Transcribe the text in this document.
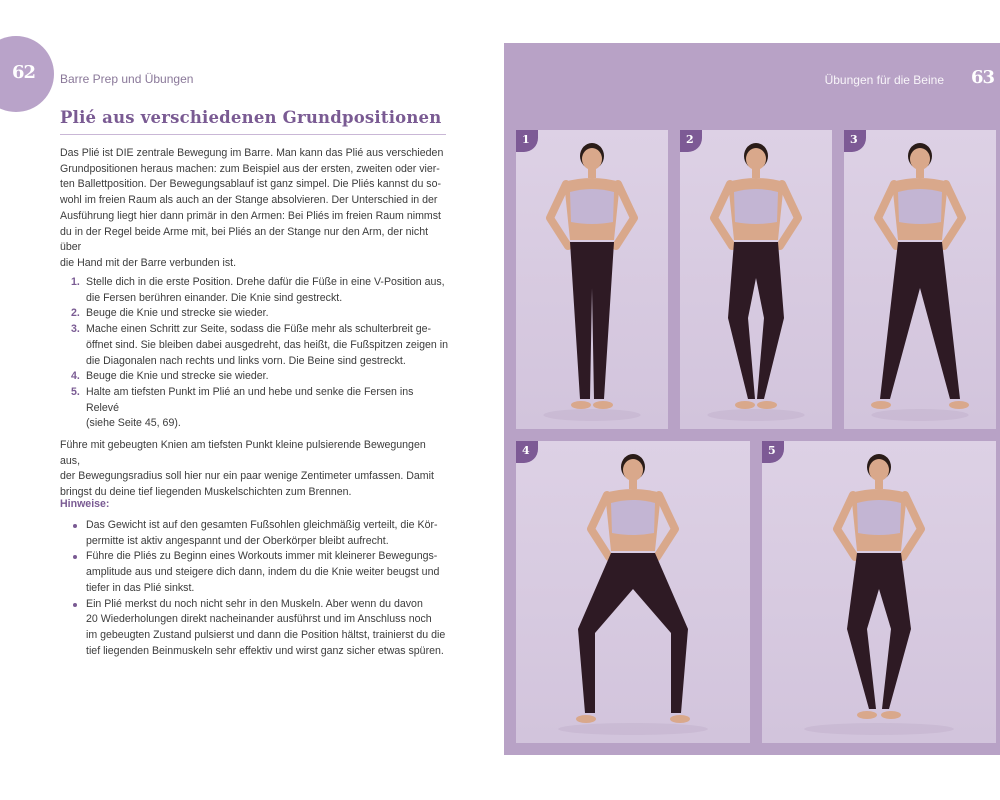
62 Barre Prep und Übungen
Plié aus verschiedenen Grundpositionen
Das Plié ist DIE zentrale Bewegung im Barre. Man kann das Plié aus verschieden
Grundpositionen heraus machen: zum Beispiel aus der ersten, zweiten oder vier-
ten Ballettposition. Der Bewegungsablauf ist ganz simpel. Die Pliés kannst du so-
wohl im freien Raum als auch an der Stange absolvieren. Der Unterschied in der
Ausführung liegt hier dann primär in den Armen: Bei Pliés im freien Raum nimmst
du in der Regel beide Arme mit, bei Pliés an der Stange nur den Arm, der nicht über
die Hand mit der Barre verbunden ist.
1. Stelle dich in die erste Position. Drehe dafür die Füße in eine V-Position aus,
die Fersen berühren einander. Die Knie sind gestreckt.
2. Beuge die Knie und strecke sie wieder.
3. Mache einen Schritt zur Seite, sodass die Füße mehr als schulterbreit ge-
öffnet sind. Sie bleiben dabei ausgedreht, das heißt, die Fußspitzen zeigen in
die Diagonalen nach rechts und links vorn. Die Beine sind gestreckt.
4. Beuge die Knie und strecke sie wieder.
5. Halte am tiefsten Punkt im Plié an und hebe und senke die Fersen ins Relevé
(siehe Seite 45, 69).
Führe mit gebeugten Knien am tiefsten Punkt kleine pulsierende Bewegungen aus,
der Bewegungsradius soll hier nur ein paar wenige Zentimeter umfassen. Damit
bringst du deine tief liegenden Muskelschichten zum Brennen.
Hinweise:
Das Gewicht ist auf den gesamten Fußsohlen gleichmäßig verteilt, die Kör-
permitte ist aktiv angespannt und der Oberkörper bleibt aufrecht.
Führe die Pliés zu Beginn eines Workouts immer mit kleinerer Bewegungs-
amplitude aus und steigere dich dann, indem du die Knie weiter beugst und
tiefer in das Plié sinkst.
Ein Plié merkst du noch nicht sehr in den Muskeln. Aber wenn du davon
20 Wiederholungen direkt nacheinander ausführst und im Anschluss noch
im gebeugten Zustand pulsierst und dann die Position hältst, trainierst du die
tief liegenden Beinmuskeln sehr effektiv und wirst ganz sicher etwas spüren.
Übungen für die Beine 63
1	2	3
4	5
